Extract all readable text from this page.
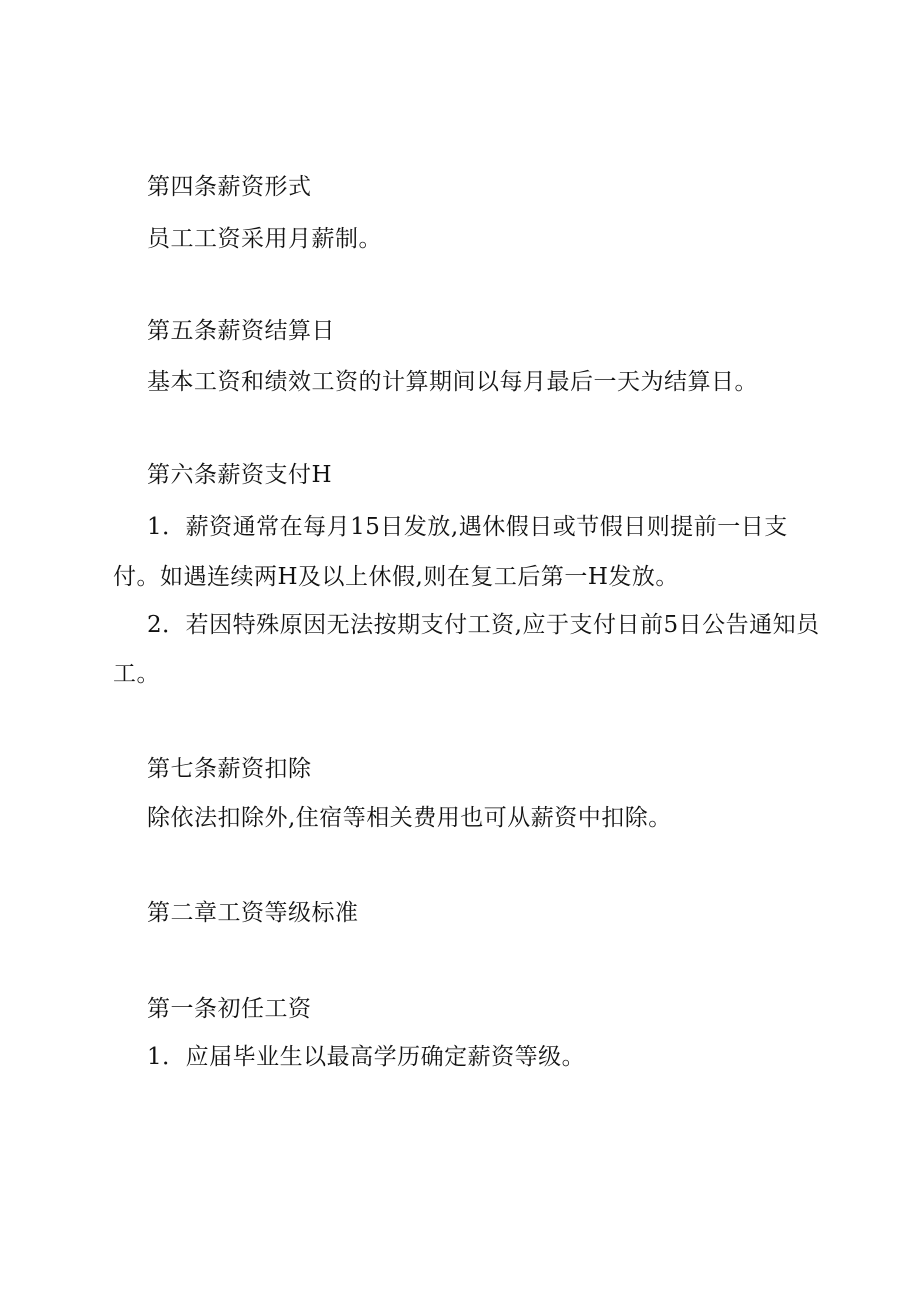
第四条薪资形式
员工工资采用月薪制。
第五条薪资结算日
基本工资和绩效工资的计算期间以每月最后一天为结算日。
第六条薪资支付H
1．薪资通常在每月15日发放,遇休假日或节假日则提前一日支
付。如遇连续两H及以上休假,则在复工后第一H发放。
2．若因特殊原因无法按期支付工资,应于支付日前5日公告通知员
工。
第七条薪资扣除
除依法扣除外,住宿等相关费用也可从薪资中扣除。
第二章工资等级标准
第一条初任工资
1．应届毕业生以最高学历确定薪资等级。
